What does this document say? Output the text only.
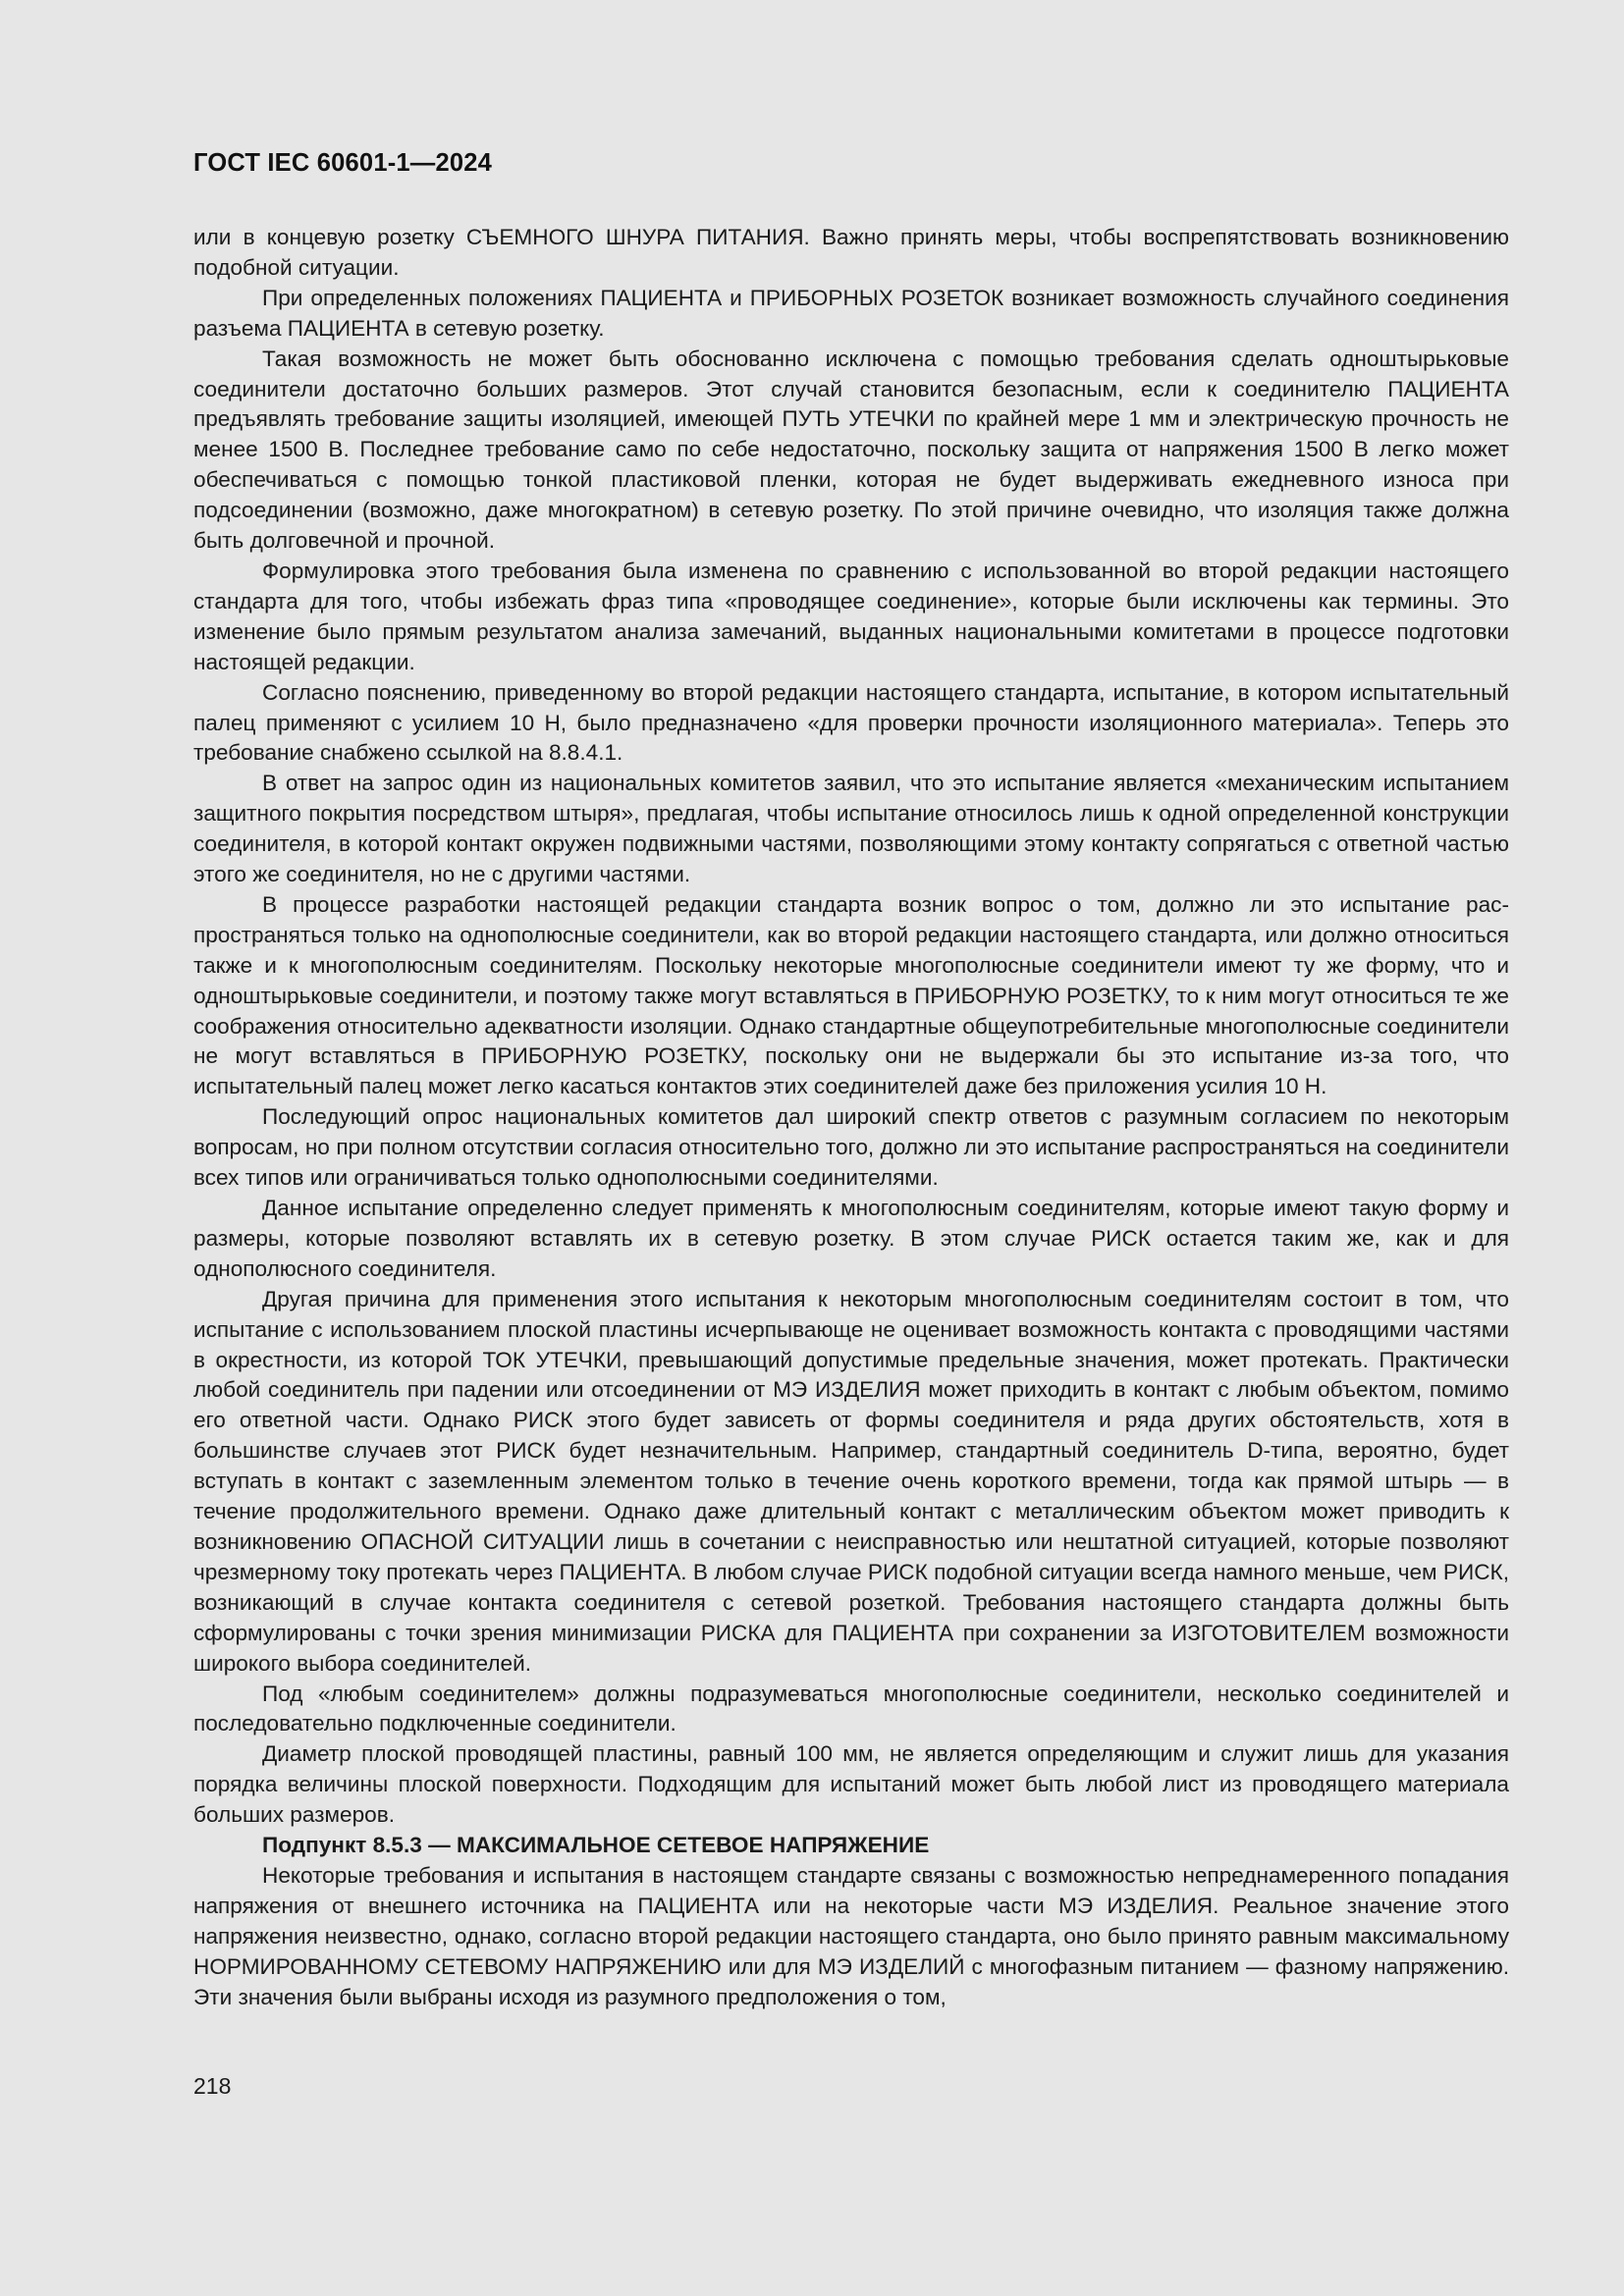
ГОСТ IEC 60601-1—2024

или в концевую розетку СЪЕМНОГО ШНУРА ПИТАНИЯ. Важно принять меры, чтобы воспрепятствовать возникновению подобной ситуации.

При определенных положениях ПАЦИЕНТА и ПРИБОРНЫХ РОЗЕТОК возникает возможность случайного соединения разъема ПАЦИЕНТА в сетевую розетку.

Такая возможность не может быть обоснованно исключена с помощью требования сделать одноштырьковые соединители достаточно больших размеров. Этот случай становится безопасным, если к соединителю ПАЦИЕНТА предъявлять требование защиты изоляцией, имеющей ПУТЬ УТЕЧКИ по крайней мере 1 мм и электрическую прочность не менее 1500 В. Последнее требование само по себе недостаточно, поскольку защита от напряжения 1500 В легко может обеспечиваться с помощью тонкой пластиковой пленки, которая не будет выдерживать ежедневного износа при подсоединении (возможно, даже многократном) в сетевую розетку. По этой причине очевидно, что изоляция также должна быть долговечной и прочной.

Формулировка этого требования была изменена по сравнению с использованной во второй редакции настоящего стандарта для того, чтобы избежать фраз типа «проводящее соединение», которые были исключены как термины. Это изменение было прямым результатом анализа замечаний, выданных национальными комитетами в процессе подготовки настоящей редакции.

Согласно пояснению, приведенному во второй редакции настоящего стандарта, испытание, в котором испытательный палец применяют с усилием 10 Н, было предназначено «для проверки прочности изоляционного материала». Теперь это требование снабжено ссылкой на 8.8.4.1.

В ответ на запрос один из национальных комитетов заявил, что это испытание является «механическим испытанием защитного покрытия посредством штыря», предлагая, чтобы испытание относилось лишь к одной определенной конструкции соединителя, в которой контакт окружен подвижными частями, позволяющими этому контакту сопрягаться с ответной частью этого же соединителя, но не с другими частями.

В процессе разработки настоящей редакции стандарта возник вопрос о том, должно ли это испытание распространяться только на однополюсные соединители, как во второй редакции настоящего стандарта, или должно относиться также и к многополюсным соединителям. Поскольку некоторые многополюсные соединители имеют ту же форму, что и одноштырьковые соединители, и поэтому также могут вставляться в ПРИБОРНУЮ РОЗЕТКУ, то к ним могут относиться те же соображения относительно адекватности изоляции. Однако стандартные общеупотребительные многополюсные соединители не могут вставляться в ПРИБОРНУЮ РОЗЕТКУ, поскольку они не выдержали бы это испытание из-за того, что испытательный палец может легко касаться контактов этих соединителей даже без приложения усилия 10 Н.

Последующий опрос национальных комитетов дал широкий спектр ответов с разумным согласием по некоторым вопросам, но при полном отсутствии согласия относительно того, должно ли это испытание распространяться на соединители всех типов или ограничиваться только однополюсными соединителями.

Данное испытание определенно следует применять к многополюсным соединителям, которые имеют такую форму и размеры, которые позволяют вставлять их в сетевую розетку. В этом случае РИСК остается таким же, как и для однополюсного соединителя.

Другая причина для применения этого испытания к некоторым многополюсным соединителям состоит в том, что испытание с использованием плоской пластины исчерпывающе не оценивает возможность контакта с проводящими частями в окрестности, из которой ТОК УТЕЧКИ, превышающий допустимые предельные значения, может протекать. Практически любой соединитель при падении или отсоединении от МЭ ИЗДЕЛИЯ может приходить в контакт с любым объектом, помимо его ответной части. Однако РИСК этого будет зависеть от формы соединителя и ряда других обстоятельств, хотя в большинстве случаев этот РИСК будет незначительным. Например, стандартный соединитель D-типа, вероятно, будет вступать в контакт с заземленным элементом только в течение очень короткого времени, тогда как прямой штырь — в течение продолжительного времени. Однако даже длительный контакт с металлическим объектом может приводить к возникновению ОПАСНОЙ СИТУАЦИИ лишь в сочетании с неисправностью или нештатной ситуацией, которые позволяют чрезмерному току протекать через ПАЦИЕНТА. В любом случае РИСК подобной ситуации всегда намного меньше, чем РИСК, возникающий в случае контакта соединителя с сетевой розеткой. Требования настоящего стандарта должны быть сформулированы с точки зрения минимизации РИСКА для ПАЦИЕНТА при сохранении за ИЗГОТОВИТЕЛЕМ возможности широкого выбора соединителей.

Под «любым соединителем» должны подразумеваться многополюсные соединители, несколько соединителей и последовательно подключенные соединители.

Диаметр плоской проводящей пластины, равный 100 мм, не является определяющим и служит лишь для указания порядка величины плоской поверхности. Подходящим для испытаний может быть любой лист из проводящего материала больших размеров.

Подпункт 8.5.3 — МАКСИМАЛЬНОЕ СЕТЕВОЕ НАПРЯЖЕНИЕ

Некоторые требования и испытания в настоящем стандарте связаны с возможностью непреднамеренного попадания напряжения от внешнего источника на ПАЦИЕНТА или на некоторые части МЭ ИЗДЕЛИЯ. Реальное значение этого напряжения неизвестно, однако, согласно второй редакции настоящего стандарта, оно было принято равным максимальному НОРМИРОВАННОМУ СЕТЕВОМУ НАПРЯЖЕНИЮ или для МЭ ИЗДЕЛИЙ с многофазным питанием — фазному напряжению. Эти значения были выбраны исходя из разумного предположения о том,

218
